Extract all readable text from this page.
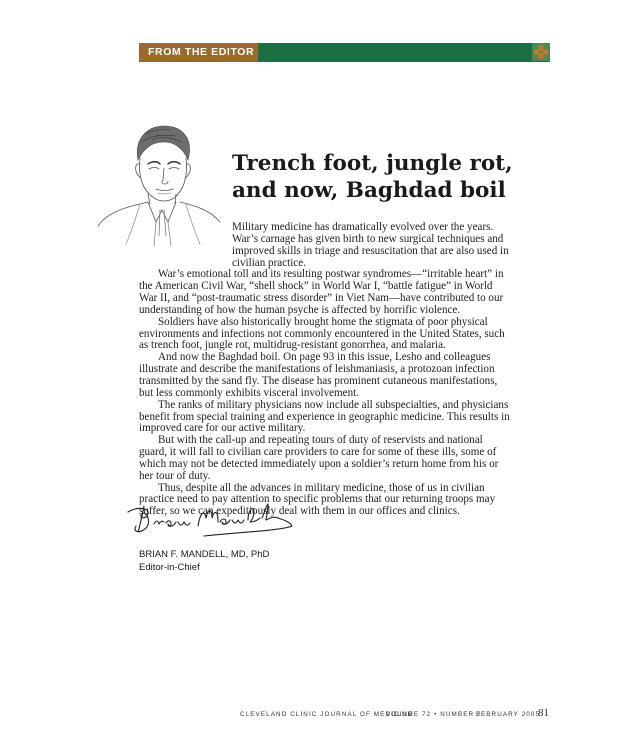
FROM THE EDITOR
Trench foot, jungle rot,
and now, Baghdad boil

Military medicine has dramatically evolved over the years. War’s carnage has given birth to new surgical techniques and improved skills in triage and resuscitation that are also used in civilian practice.

War’s emotional toll and its resulting postwar syndromes—“irritable heart” in the American Civil War, “shell shock” in World War I, “battle fatigue” in World War II, and “post-traumatic stress disorder” in Viet Nam—have contributed to our understanding of how the human psyche is affected by horrific violence.

Soldiers have also historically brought home the stigmata of poor physical environments and infections not commonly encountered in the United States, such as trench foot, jungle rot, multidrug-resistant gonorrhea, and malaria.

And now the Baghdad boil. On page 93 in this issue, Lesho and colleagues illustrate and describe the manifestations of leishmaniasis, a protozoan infection transmitted by the sand fly. The disease has prominent cutaneous manifestations, but less commonly exhibits visceral involvement.

The ranks of military physicians now include all subspecialties, and physicians benefit from special training and experience in geographic medicine. This results in improved care for our active military.

But with the call-up and repeating tours of duty of reservists and national guard, it will fall to civilian care providers to care for some of these ills, some of which may not be detected immediately upon a soldier’s return home from his or her tour of duty.

Thus, despite all the advances in military medicine, those of us in civilian practice need to pay attention to specific problems that our returning troops may suffer, so we can expeditiously deal with them in our offices and clinics.

BRIAN F. MANDELL, MD, PhD
Editor-in-Chief
CLEVELAND CLINIC JOURNAL OF MEDICINE
VOLUME 72 • NUMBER 2
FEBRUARY 2005
81
